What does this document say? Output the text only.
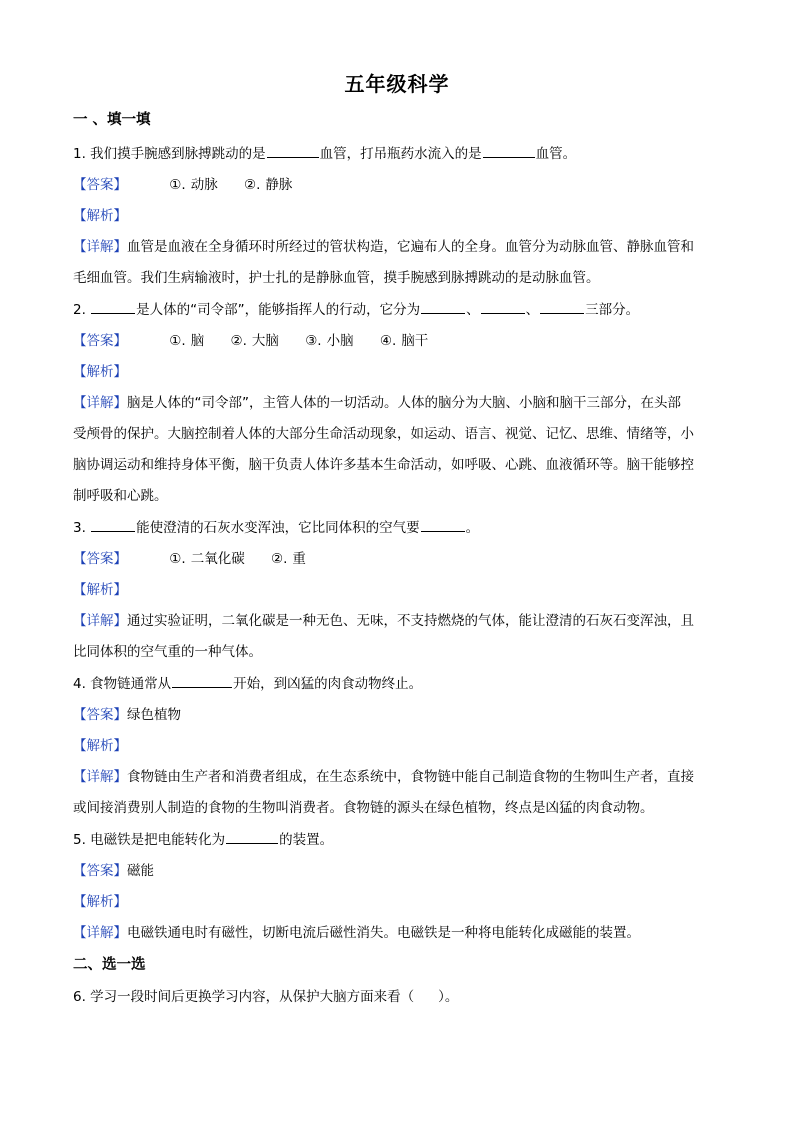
五年级科学
一 、填一填
1. 我们摸手腕感到脉搏跳动的是	血管，打吊瓶药水流入的是	血管。
【答案】	①. 动脉 ②. 静脉
【解析】
【详解】血管是血液在全身循环时所经过的管状构造，它遍布人的全身。血管分为动脉血管、静脉血管和
毛细血管。我们生病输液时，护士扎的是静脉血管，摸手腕感到脉搏跳动的是动脉血管。
2.	是人体的“司令部”，能够指挥人的行动，它分为	、	、	三部分。
【答案】	①. 脑 ②. 大脑 ③. 小脑 ④. 脑干
【解析】
【详解】脑是人体的“司令部”，主管人体的一切活动。人体的脑分为大脑、小脑和脑干三部分，在头部
受颅骨的保护。大脑控制着人体的大部分生命活动现象，如运动、语言、视觉、记忆、思维、情绪等，小
脑协调运动和维持身体平衡，脑干负责人体许多基本生命活动，如呼吸、心跳、血液循环等。脑干能够控
制呼吸和心跳。
3.	能使澄清的石灰水变浑浊，它比同体积的空气要	。
【答案】	①. 二氧化碳 ②. 重
【解析】
【详解】通过实验证明，二氧化碳是一种无色、无味，不支持燃烧的气体，能让澄清的石灰石变浑浊，且
比同体积的空气重的一种气体。
4. 食物链通常从	开始，到凶猛的肉食动物终止。
【答案】绿色植物
【解析】
【详解】食物链由生产者和消费者组成，在生态系统中，食物链中能自己制造食物的生物叫生产者，直接
或间接消费别人制造的食物的生物叫消费者。食物链的源头在绿色植物，终点是凶猛的肉食动物。
5. 电磁铁是把电能转化为	的装置。
【答案】磁能
【解析】
【详解】电磁铁通电时有磁性，切断电流后磁性消失。电磁铁是一种将电能转化成磁能的装置。
二、选一选
6. 学习一段时间后更换学习内容，从保护大脑方面来看（ ）。
